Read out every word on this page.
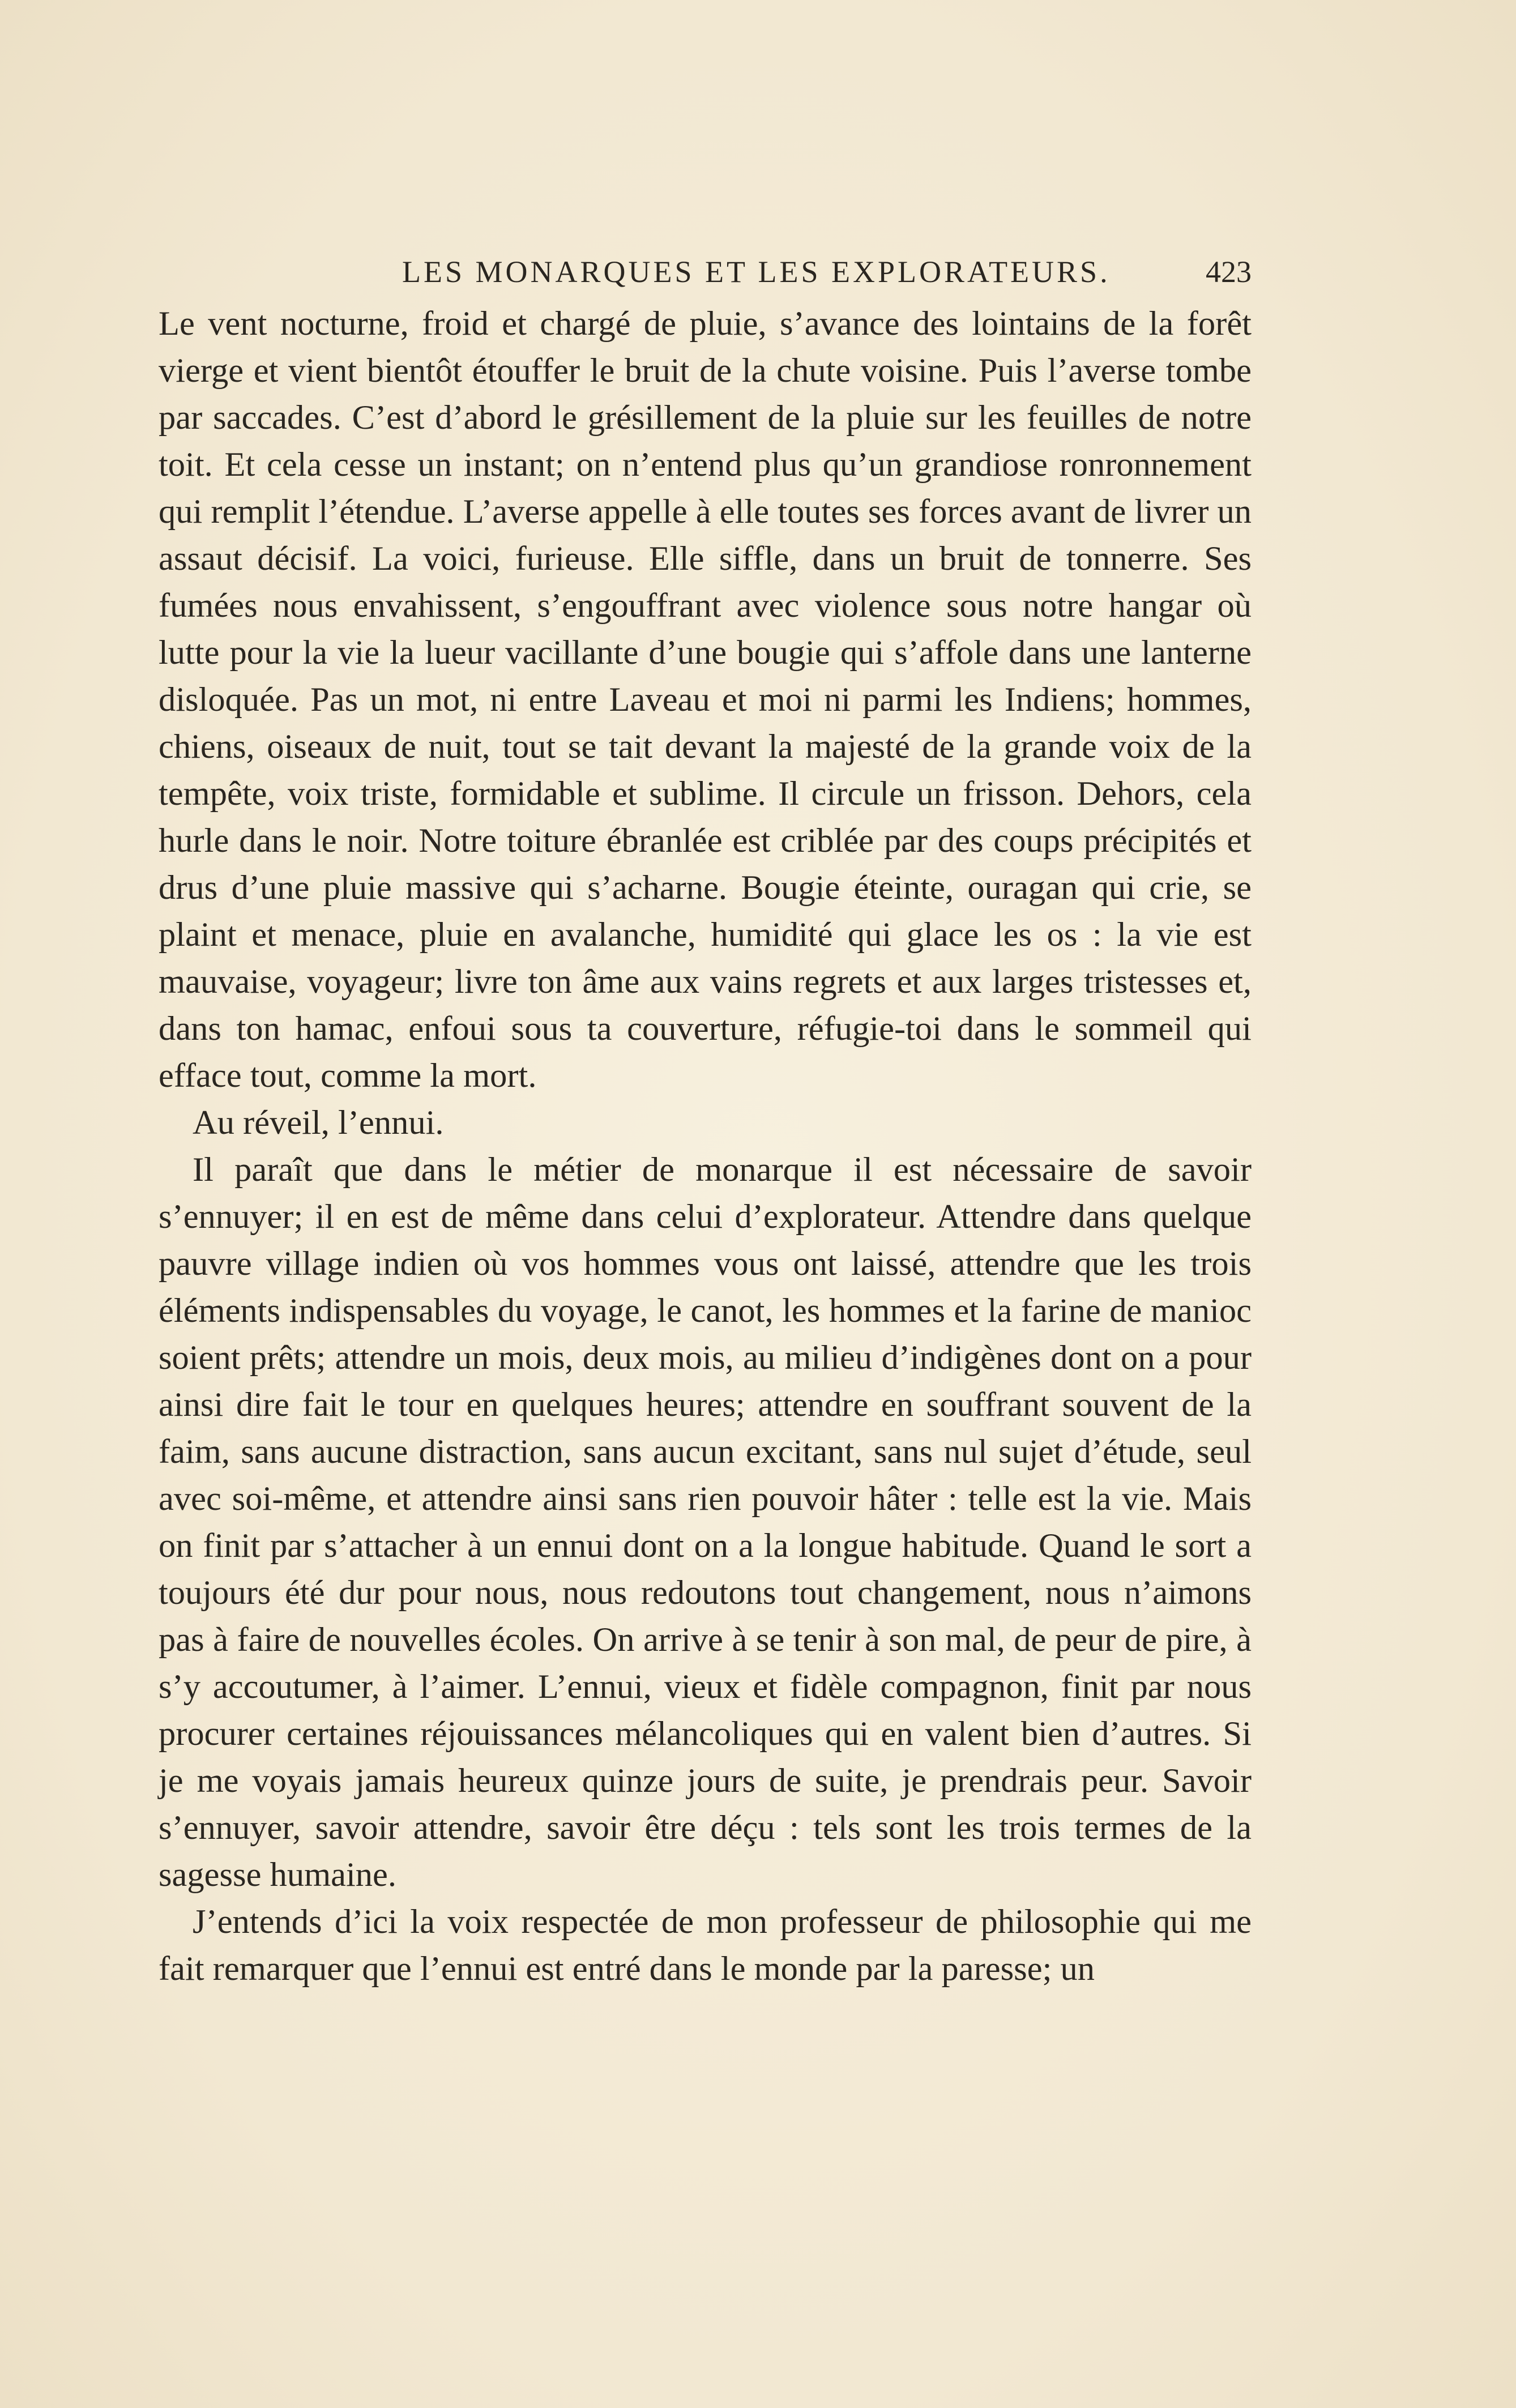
LES MONARQUES ET LES EXPLORATEURS.	423

Le vent nocturne, froid et chargé de pluie, s’avance des lointains de la forêt vierge et vient bientôt étouffer le bruit de la chute voisine. Puis l’averse tombe par saccades. C’est d’abord le grésillement de la pluie sur les feuilles de notre toit. Et cela cesse un instant; on n’entend plus qu’un grandiose ronronnement qui remplit l’étendue. L’averse appelle à elle toutes ses forces avant de livrer un assaut décisif. La voici, furieuse. Elle siffle, dans un bruit de tonnerre. Ses fumées nous envahissent, s’engouffrant avec violence sous notre hangar où lutte pour la vie la lueur vacillante d’une bougie qui s’affole dans une lanterne disloquée. Pas un mot, ni entre Laveau et moi ni parmi les Indiens; hommes, chiens, oiseaux de nuit, tout se tait devant la majesté de la grande voix de la tempête, voix triste, formidable et sublime. Il circule un frisson. Dehors, cela hurle dans le noir. Notre toiture ébranlée est criblée par des coups précipités et drus d’une pluie massive qui s’acharne. Bougie éteinte, ouragan qui crie, se plaint et menace, pluie en avalanche, humidité qui glace les os : la vie est mauvaise, voyageur; livre ton âme aux vains regrets et aux larges tristesses et, dans ton hamac, enfoui sous ta couverture, réfugie-toi dans le sommeil qui efface tout, comme la mort.

Au réveil, l’ennui.

Il paraît que dans le métier de monarque il est nécessaire de savoir s’ennuyer; il en est de même dans celui d’explorateur. Attendre dans quelque pauvre village indien où vos hommes vous ont laissé, attendre que les trois éléments indispensables du voyage, le canot, les hommes et la farine de manioc soient prêts; attendre un mois, deux mois, au milieu d’indigènes dont on a pour ainsi dire fait le tour en quelques heures; attendre en souffrant souvent de la faim, sans aucune distraction, sans aucun excitant, sans nul sujet d’étude, seul avec soi-même, et attendre ainsi sans rien pouvoir hâter : telle est la vie. Mais on finit par s’attacher à un ennui dont on a la longue habitude. Quand le sort a toujours été dur pour nous, nous redoutons tout changement, nous n’aimons pas à faire de nouvelles écoles. On arrive à se tenir à son mal, de peur de pire, à s’y accoutumer, à l’aimer. L’ennui, vieux et fidèle compagnon, finit par nous procurer certaines réjouissances mélancoliques qui en valent bien d’autres. Si je me voyais jamais heureux quinze jours de suite, je prendrais peur. Savoir s’ennuyer, savoir attendre, savoir être déçu : tels sont les trois termes de la sagesse humaine.

J’entends d’ici la voix respectée de mon professeur de philosophie qui me fait remarquer que l’ennui est entré dans le monde par la paresse; un
